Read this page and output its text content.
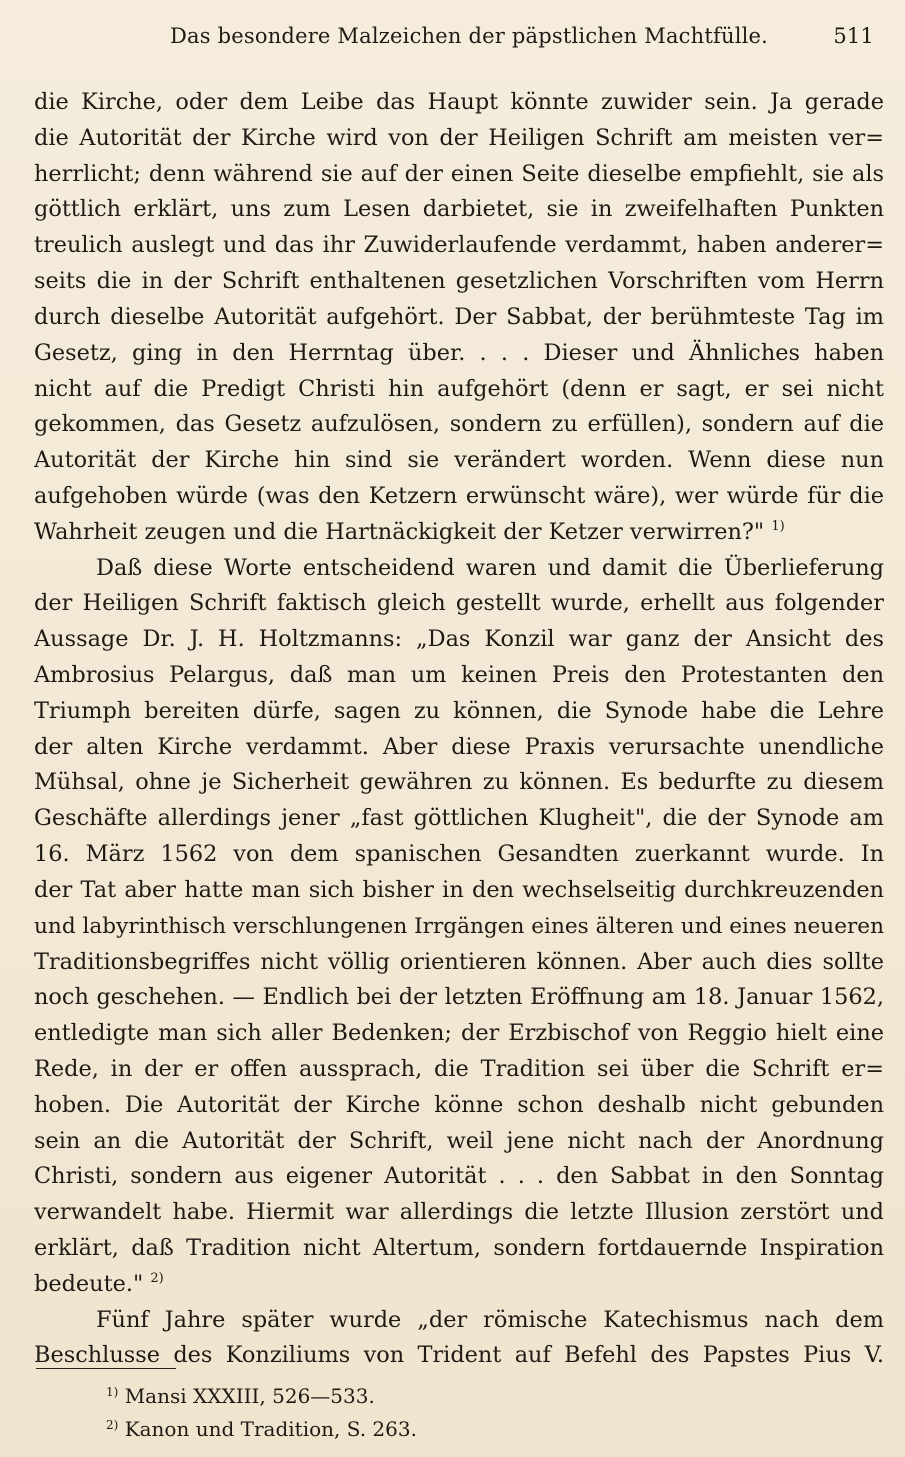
Das besondere Malzeichen der päpstlichen Machtfülle.	511
die Kirche, oder dem Leibe das Haupt könnte zuwider sein. Ja gerade
die Autorität der Kirche wird von der Heiligen Schrift am meisten ver=
herrlicht; denn während sie auf der einen Seite dieselbe empfiehlt, sie als
göttlich erklärt, uns zum Lesen darbietet, sie in zweifelhaften Punkten
treulich auslegt und das ihr Zuwiderlaufende verdammt, haben anderer=
seits die in der Schrift enthaltenen gesetzlichen Vorschriften vom Herrn
durch dieselbe Autorität aufgehört. Der Sabbat, der berühmteste Tag im
Gesetz, ging in den Herrntag über. . . . Dieser und Ähnliches haben
nicht auf die Predigt Christi hin aufgehört (denn er sagt, er sei nicht
gekommen, das Gesetz aufzulösen, sondern zu erfüllen), sondern auf die
Autorität der Kirche hin sind sie verändert worden. Wenn diese nun
aufgehoben würde (was den Ketzern erwünscht wäre), wer würde für die
Wahrheit zeugen und die Hartnäckigkeit der Ketzer verwirren?" $^{1)}$
Daß diese Worte entscheidend waren und damit die Überlieferung
der Heiligen Schrift faktisch gleich gestellt wurde, erhellt aus folgender
Aussage Dr. J. H. Holtzmanns: „Das Konzil war ganz der Ansicht des
Ambrosius Pelargus, daß man um keinen Preis den Protestanten den
Triumph bereiten dürfe, sagen zu können, die Synode habe die Lehre
der alten Kirche verdammt. Aber diese Praxis verursachte unendliche
Mühsal, ohne je Sicherheit gewähren zu können. Es bedurfte zu diesem
Geschäfte allerdings jener „fast göttlichen Klugheit", die der Synode am
16. März 1562 von dem spanischen Gesandten zuerkannt wurde. In
der Tat aber hatte man sich bisher in den wechselseitig durchkreuzenden
und labyrinthisch verschlungenen Irrgängen eines älteren und eines neueren
Traditionsbegriffes nicht völlig orientieren können. Aber auch dies sollte
noch geschehen. — Endlich bei der letzten Eröffnung am 18. Januar 1562,
entledigte man sich aller Bedenken; der Erzbischof von Reggio hielt eine
Rede, in der er offen aussprach, die Tradition sei über die Schrift er=
hoben. Die Autorität der Kirche könne schon deshalb nicht gebunden
sein an die Autorität der Schrift, weil jene nicht nach der Anordnung
Christi, sondern aus eigener Autorität . . . den Sabbat in den Sonntag
verwandelt habe. Hiermit war allerdings die letzte Illusion zerstört und
erklärt, daß Tradition nicht Altertum, sondern fortdauernde Inspiration
bedeute." $^{2)}$
Fünf Jahre später wurde „der römische Katechismus nach dem
Beschlusse des Konziliums von Trident auf Befehl des Papstes Pius V.
$^{1)}$ Mansi XXXIII, 526—533.
$^{2)}$ Kanon und Tradition, S. 263.
